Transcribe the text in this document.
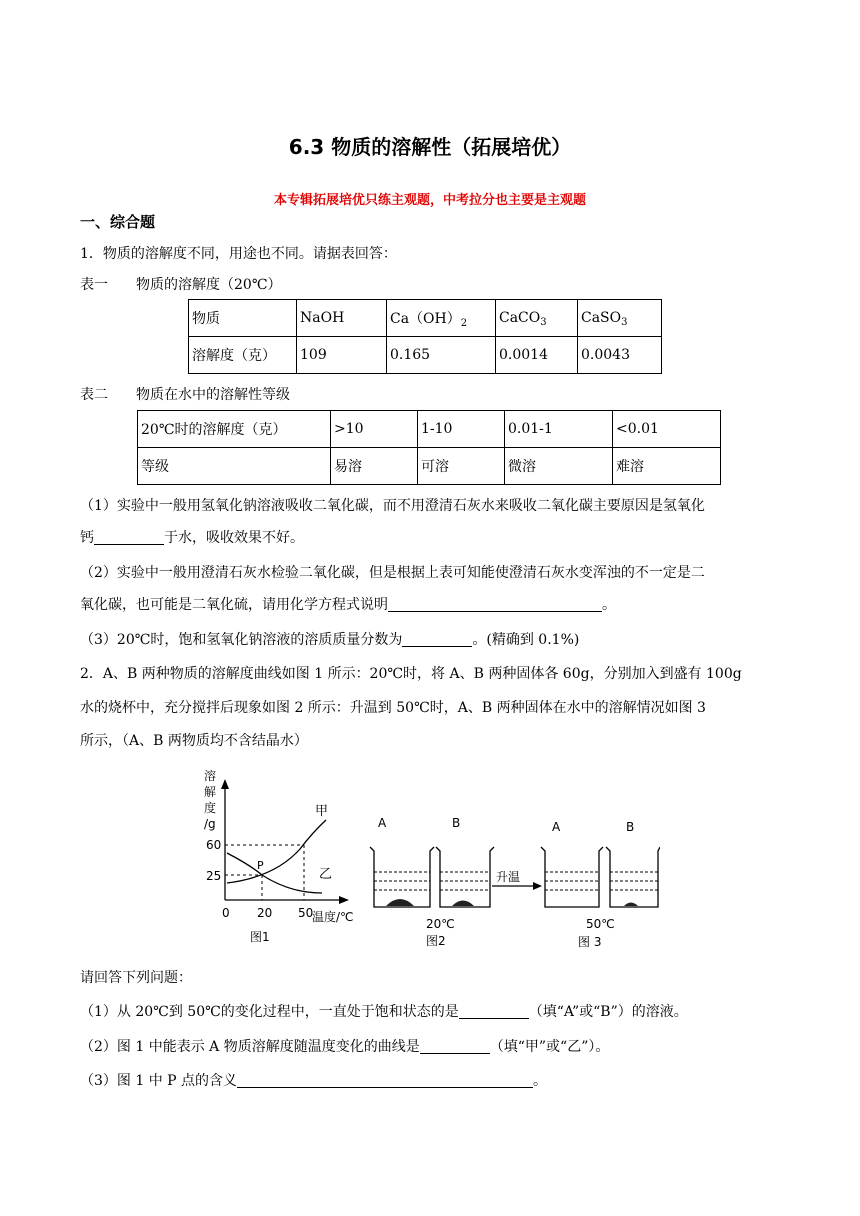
6.3 物质的溶解性（拓展培优）
本专辑拓展培优只练主观题，中考拉分也主要是主观题
一、综合题
1．物质的溶解度不同，用途也不同。请据表回答：
表一　　物质的溶解度（20℃）
物质	NaOH	$Ca(OH)_2$	CaCO$_3$	CaSO$_3$
溶解度（克）	109	0.165	0.0014	0.0043
表二　　物质在水中的溶解性等级
20℃时的溶解度（克）	>10	1-10	0.01-1	<0.01
等级	易溶	可溶	微溶	难溶
（1）实验中一般用氢氧化钠溶液吸收二氧化碳，而不用澄清石灰水来吸收二氧化碳主要原因是氢氧化
钙	于水，吸收效果不好。
（2）实验中一般用澄清石灰水检验二氧化碳，但是根据上表可知能使澄清石灰水变浑浊的不一定是二
氧化碳，也可能是二氧化硫，请用化学方程式说明	。
（3）20℃时，饱和氢氧化钠溶液的溶质质量分数为	。(精确到 0.1%)
2．A、B 两种物质的溶解度曲线如图 1 所示：20℃时，将 A、B 两种固体各 60g，分别加入到盛有 100g
水的烧杯中，充分搅拌后现象如图 2 所示：升温到 50℃时，A、B 两种固体在水中的溶解情况如图 3
所示，（A、B 两物质均不含结晶水）
溶
解
度
/g
60
25
0 20 50
温度/℃
甲
乙
P
图1
A	B
20℃
图2
升温
A	B
50℃
图 3
请回答下列问题：
（1）从 20℃到 50℃的变化过程中，一直处于饱和状态的是	（填“A”或“B”）的溶液。
（2）图 1 中能表示 A 物质溶解度随温度变化的曲线是	（填“甲”或“乙”）。
（3）图 1 中 P 点的含义	。
